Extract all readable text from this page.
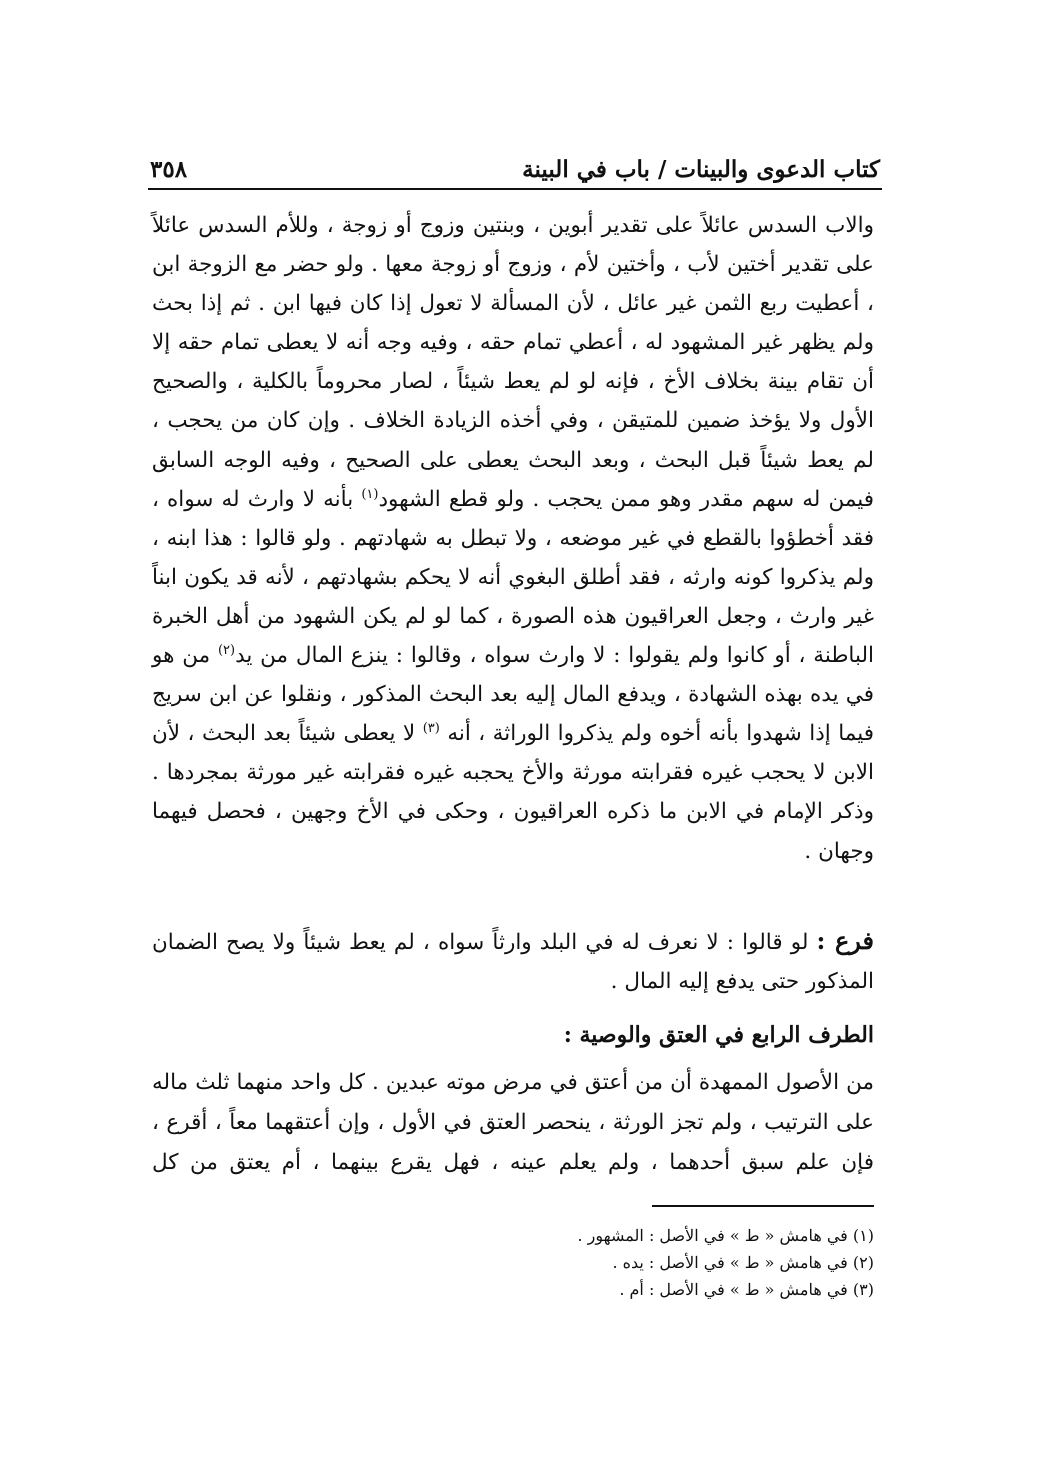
كتاب الدعوى والبينات / باب في البينة
٣٥٨

والاب السدس عائلاً على تقدير أبوين ، وبنتين وزوج أو زوجة ، وللأم السدس عائلاً على تقدير أختين لأب ، وأختين لأم ، وزوج أو زوجة معها . ولو حضر مع الزوجة ابن ، أعطيت ربع الثمن غير عائل ، لأن المسألة لا تعول إذا كان فيها ابن . ثم إذا بحث ولم يظهر غير المشهود له ، أعطي تمام حقه ، وفيه وجه أنه لا يعطى تمام حقه إلا أن تقام بينة بخلاف الأخ ، فإنه لو لم يعط شيئاً ، لصار محروماً بالكلية ، والصحيح الأول ولا يؤخذ ضمين للمتيقن ، وفي أخذه الزيادة الخلاف . وإن كان من يحجب ، لم يعط شيئاً قبل البحث ، وبعد البحث يعطى على الصحيح ، وفيه الوجه السابق فيمن له سهم مقدر وهو ممن يحجب . ولو قطع الشهود$^{(١)}$ بأنه لا وارث له سواه ، فقد أخطؤوا بالقطع في غير موضعه ، ولا تبطل به شهادتهم . ولو قالوا : هذا ابنه ، ولم يذكروا كونه وارثه ، فقد أطلق البغوي أنه لا يحكم بشهادتهم ، لأنه قد يكون ابناً غير وارث ، وجعل العراقيون هذه الصورة ، كما لو لم يكن الشهود من أهل الخبرة الباطنة ، أو كانوا ولم يقولوا : لا وارث سواه ، وقالوا : ينزع المال من يد$^{(٢)}$ من هو في يده بهذه الشهادة ، ويدفع المال إليه بعد البحث المذكور ، ونقلوا عن ابن سريج فيما إذا شهدوا بأنه أخوه ولم يذكروا الوراثة ، أنه $^{(٣)}$ لا يعطى شيئاً بعد البحث ، لأن الابن لا يحجب غيره فقرابته مورثة والأخ يحجبه غيره فقرابته غير مورثة بمجردها . وذكر الإمام في الابن ما ذكره العراقيون ، وحكى في الأخ وجهين ، فحصل فيهما وجهان .

فرع : لو قالوا : لا نعرف له في البلد وارثاً سواه ، لم يعط شيئاً ولا يصح الضمان المذكور حتى يدفع إليه المال .
الطرف الرابع في العتق والوصية :
من الأصول الممهدة أن من أعتق في مرض موته عبدين . كل واحد منهما ثلث ماله على الترتيب ، ولم تجز الورثة ، ينحصر العتق في الأول ، وإن أعتقهما معاً ، أقرع ، فإن علم سبق أحدهما ، ولم يعلم عينه ، فهل يقرع بينهما ، أم يعتق من كل
(١) في هامش « ط » في الأصل : المشهور .
(٢) في هامش « ط » في الأصل : يده .
(٣) في هامش « ط » في الأصل : أم .
